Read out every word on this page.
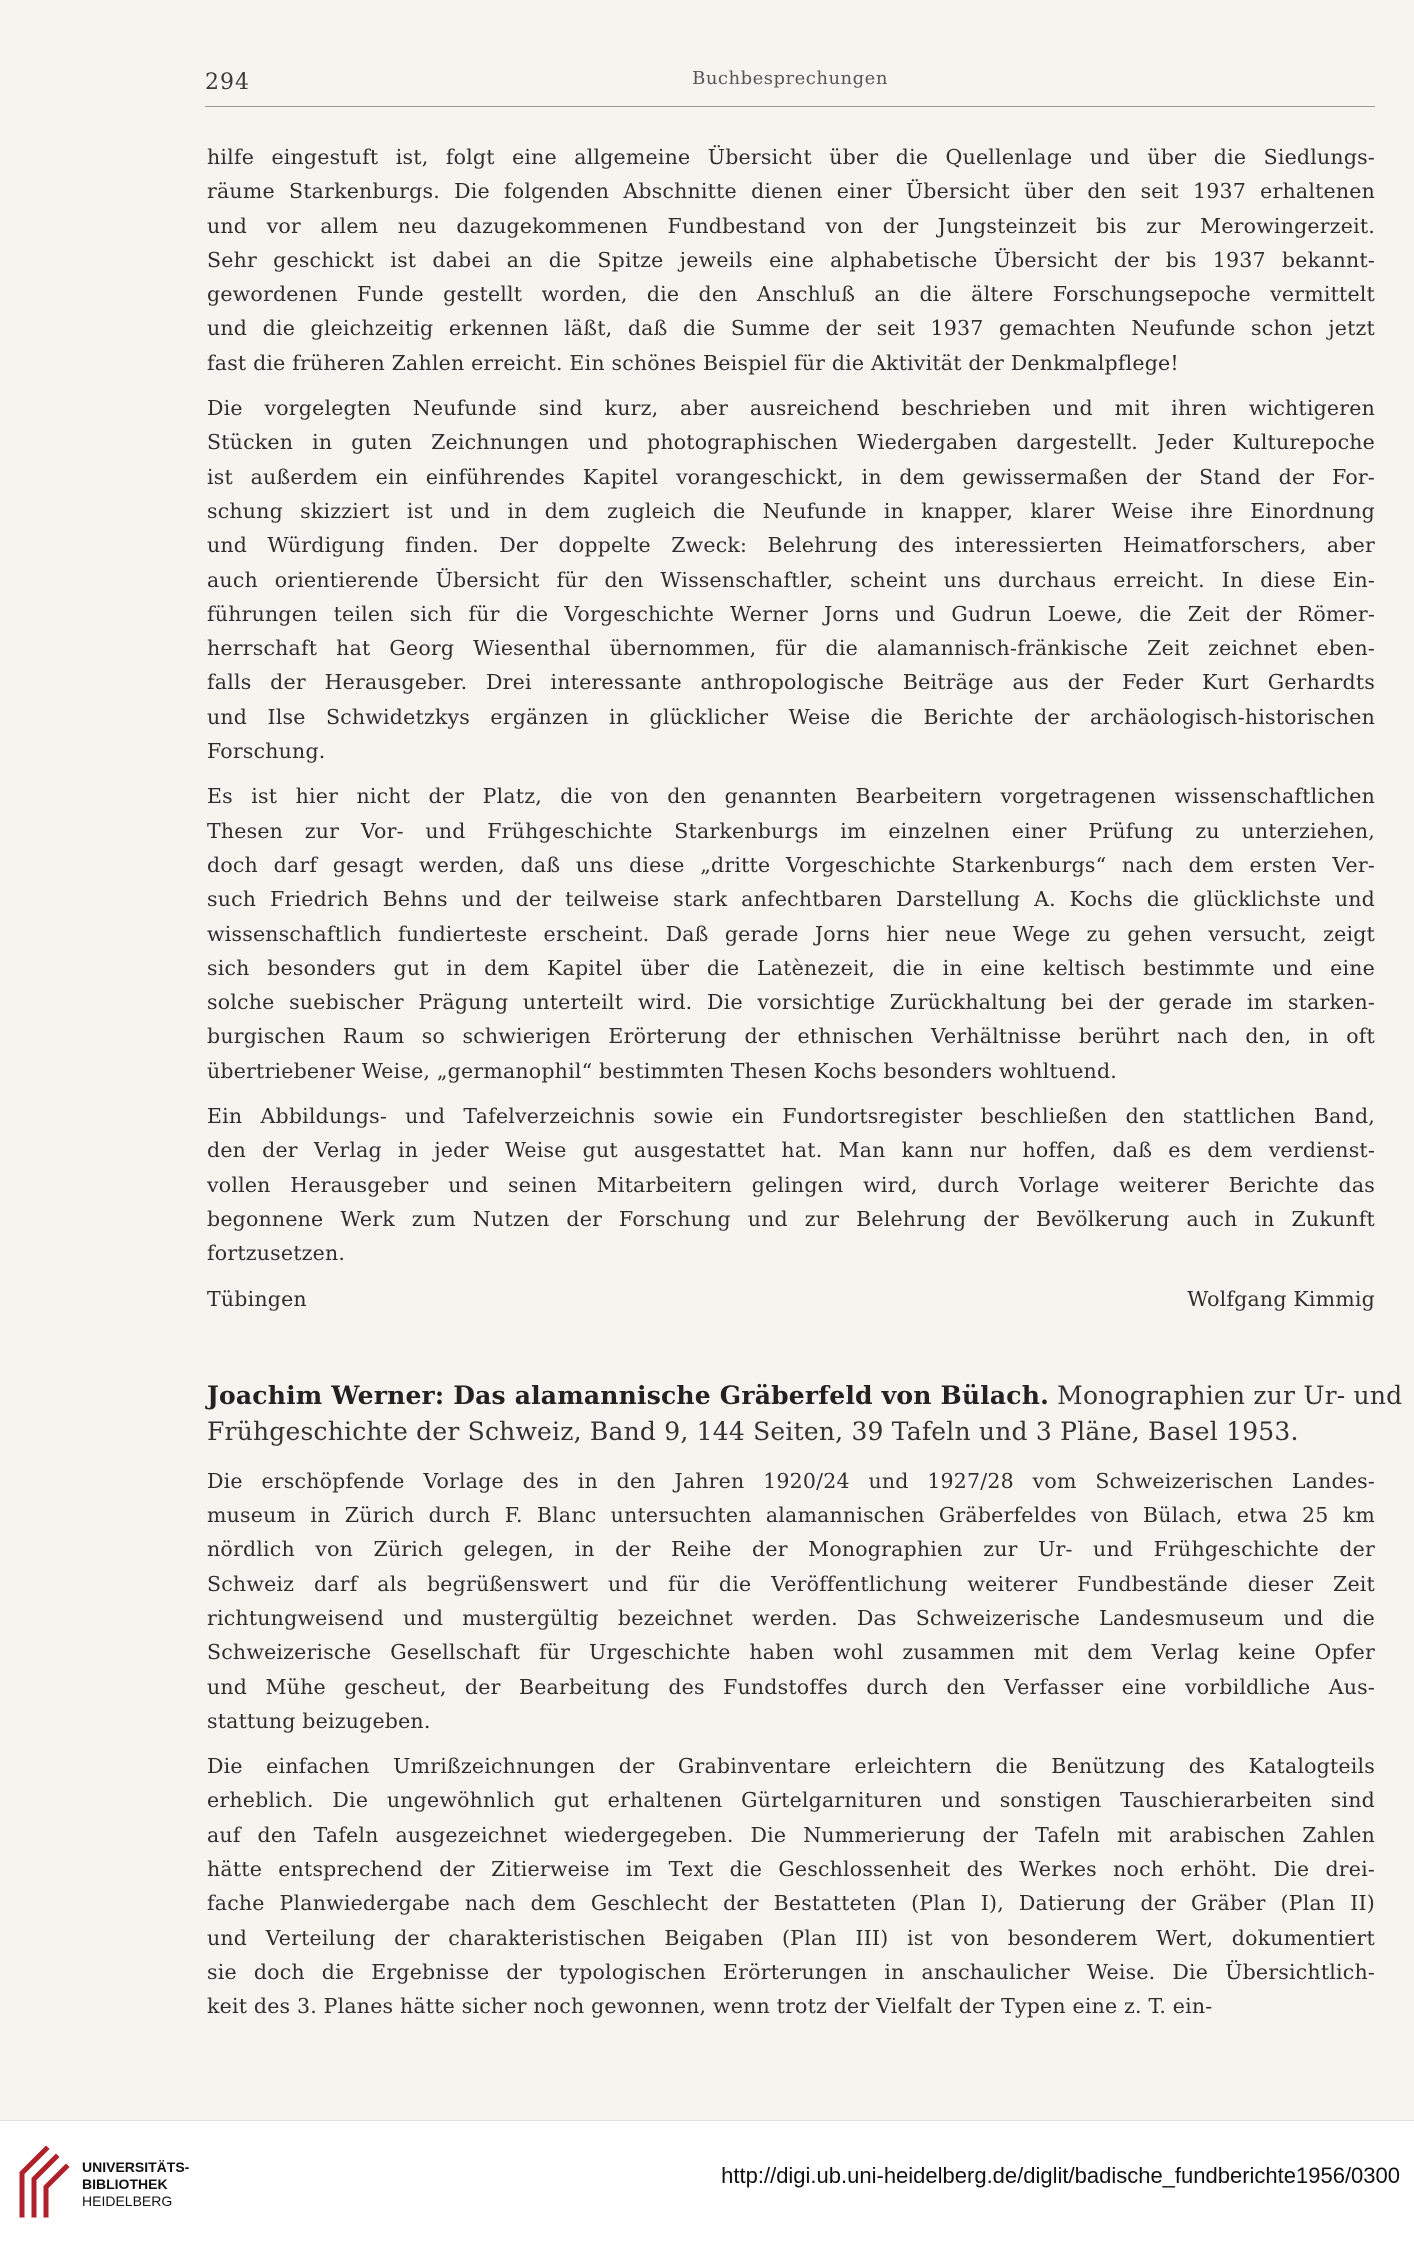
294	Buchbesprechungen
hilfe eingestuft ist, folgt eine allgemeine Übersicht über die Quellenlage und über die Siedlungs-
räume Starkenburgs. Die folgenden Abschnitte dienen einer Übersicht über den seit 1937 erhaltenen
und vor allem neu dazugekommenen Fundbestand von der Jungsteinzeit bis zur Merowingerzeit.
Sehr geschickt ist dabei an die Spitze jeweils eine alphabetische Übersicht der bis 1937 bekannt-
gewordenen Funde gestellt worden, die den Anschluß an die ältere Forschungsepoche vermittelt
und die gleichzeitig erkennen läßt, daß die Summe der seit 1937 gemachten Neufunde schon jetzt
fast die früheren Zahlen erreicht. Ein schönes Beispiel für die Aktivität der Denkmalpflege!
Die vorgelegten Neufunde sind kurz, aber ausreichend beschrieben und mit ihren wichtigeren
Stücken in guten Zeichnungen und photographischen Wiedergaben dargestellt. Jeder Kulturepoche
ist außerdem ein einführendes Kapitel vorangeschickt, in dem gewissermaßen der Stand der For-
schung skizziert ist und in dem zugleich die Neufunde in knapper, klarer Weise ihre Einordnung
und Würdigung finden. Der doppelte Zweck: Belehrung des interessierten Heimatforschers, aber
auch orientierende Übersicht für den Wissenschaftler, scheint uns durchaus erreicht. In diese Ein-
führungen teilen sich für die Vorgeschichte Werner Jorns und Gudrun Loewe, die Zeit der Römer-
herrschaft hat Georg Wiesenthal übernommen, für die alamannisch-fränkische Zeit zeichnet eben-
falls der Herausgeber. Drei interessante anthropologische Beiträge aus der Feder Kurt Gerhardts
und Ilse Schwidetzkys ergänzen in glücklicher Weise die Berichte der archäologisch-historischen
Forschung.
Es ist hier nicht der Platz, die von den genannten Bearbeitern vorgetragenen wissenschaftlichen
Thesen zur Vor- und Frühgeschichte Starkenburgs im einzelnen einer Prüfung zu unterziehen,
doch darf gesagt werden, daß uns diese „dritte Vorgeschichte Starkenburgs“ nach dem ersten Ver-
such Friedrich Behns und der teilweise stark anfechtbaren Darstellung A. Kochs die glücklichste und
wissenschaftlich fundierteste erscheint. Daß gerade Jorns hier neue Wege zu gehen versucht, zeigt
sich besonders gut in dem Kapitel über die Latènezeit, die in eine keltisch bestimmte und eine
solche suebischer Prägung unterteilt wird. Die vorsichtige Zurückhaltung bei der gerade im starken-
burgischen Raum so schwierigen Erörterung der ethnischen Verhältnisse berührt nach den, in oft
übertriebener Weise, „germanophil“ bestimmten Thesen Kochs besonders wohltuend.
Ein Abbildungs- und Tafelverzeichnis sowie ein Fundortsregister beschließen den stattlichen Band,
den der Verlag in jeder Weise gut ausgestattet hat. Man kann nur hoffen, daß es dem verdienst-
vollen Herausgeber und seinen Mitarbeitern gelingen wird, durch Vorlage weiterer Berichte das
begonnene Werk zum Nutzen der Forschung und zur Belehrung der Bevölkerung auch in Zukunft
fortzusetzen.
Tübingen	Wolfgang Kimmig
Joachim Werner: Das alamannische Gräberfeld von Bülach. Monographien zur Ur- und
Frühgeschichte der Schweiz, Band 9, 144 Seiten, 39 Tafeln und 3 Pläne, Basel 1953.
Die erschöpfende Vorlage des in den Jahren 1920/24 und 1927/28 vom Schweizerischen Landes-
museum in Zürich durch F. Blanc untersuchten alamannischen Gräberfeldes von Bülach, etwa 25 km
nördlich von Zürich gelegen, in der Reihe der Monographien zur Ur- und Frühgeschichte der
Schweiz darf als begrüßenswert und für die Veröffentlichung weiterer Fundbestände dieser Zeit
richtungweisend und mustergültig bezeichnet werden. Das Schweizerische Landesmuseum und die
Schweizerische Gesellschaft für Urgeschichte haben wohl zusammen mit dem Verlag keine Opfer
und Mühe gescheut, der Bearbeitung des Fundstoffes durch den Verfasser eine vorbildliche Aus-
stattung beizugeben.
Die einfachen Umrißzeichnungen der Grabinventare erleichtern die Benützung des Katalogteils
erheblich. Die ungewöhnlich gut erhaltenen Gürtelgarnituren und sonstigen Tauschierarbeiten sind
auf den Tafeln ausgezeichnet wiedergegeben. Die Nummerierung der Tafeln mit arabischen Zahlen
hätte entsprechend der Zitierweise im Text die Geschlossenheit des Werkes noch erhöht. Die drei-
fache Planwiedergabe nach dem Geschlecht der Bestatteten (Plan I), Datierung der Gräber (Plan II)
und Verteilung der charakteristischen Beigaben (Plan III) ist von besonderem Wert, dokumentiert
sie doch die Ergebnisse der typologischen Erörterungen in anschaulicher Weise. Die Übersichtlich-
keit des 3. Planes hätte sicher noch gewonnen, wenn trotz der Vielfalt der Typen eine z. T. ein-
UNIVERSITÄTS-
BIBLIOTHEK
HEIDELBERG
http://digi.ub.uni-heidelberg.de/diglit/badische_fundberichte1956/0300
